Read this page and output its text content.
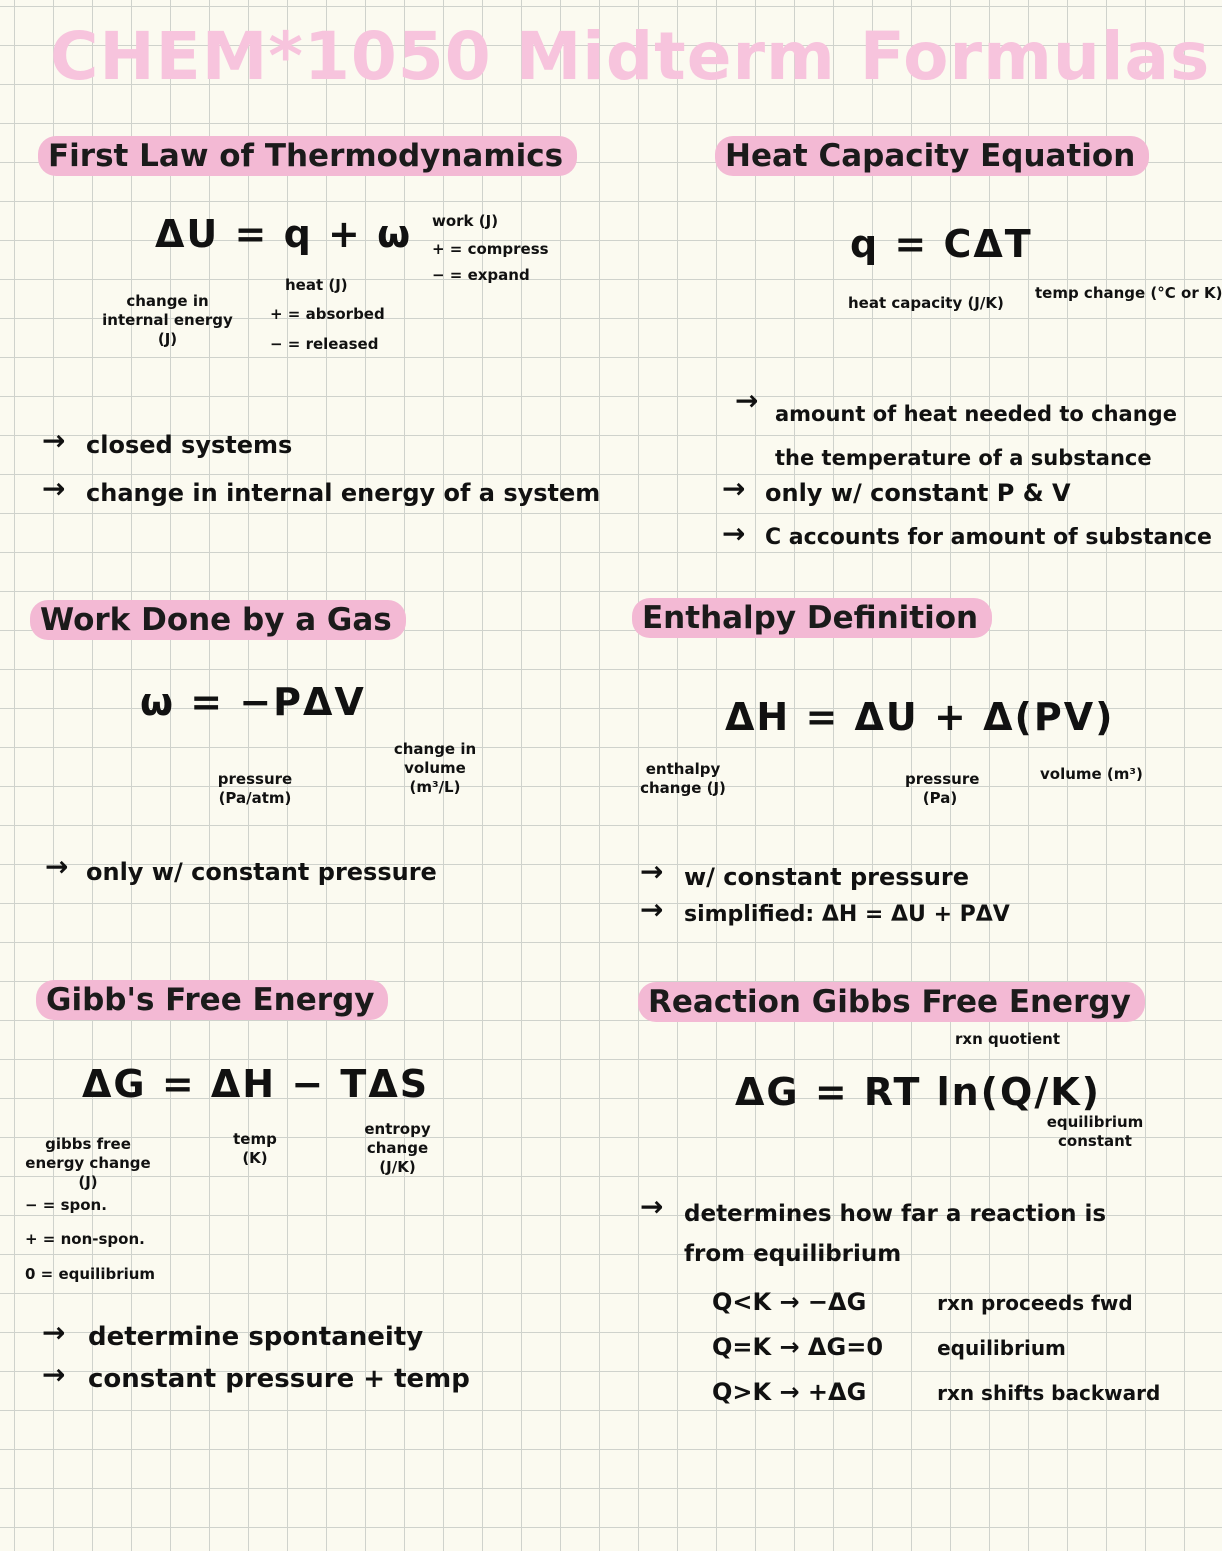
CHEM*1050 Midterm Formulas
First Law of Thermodynamics
ΔU = q + ω work (J)
+ = compress
− = expand
heat (J)
+ = absorbed
− = released
change in internal energy (J)
→ closed systems
→ change in internal energy of a system
Heat Capacity Equation
q = CΔT
heat capacity (J/K)
temp change (°C or K)
→ amount of heat needed to change the temperature of a substance
→ only w/ constant P & V
→ C accounts for amount of substance
Work Done by a Gas
ω = −PΔV
pressure (Pa/atm)
change in volume (m³/L)
→ only w/ constant pressure
Enthalpy Definition
ΔH = ΔU + Δ(PV)
enthalpy change (J)	pressure (Pa)
volume (m³)
→ w/ constant pressure
→ simplified: ΔH = ΔU + PΔV
Gibb's Free Energy
ΔG = ΔH − TΔS
gibbs free energy change (J)
− = spon.
+ = non-spon.
0 = equilibrium
temp (K)
entropy change (J/K)
→ determine spontaneity
→ constant pressure + temp
Reaction Gibbs Free Energy
ΔG = RT ln(Q/K)
rxn quotient
equilibrium constant
→ determines how far a reaction is from equilibrium
Q<K → −ΔG	rxn proceeds fwd
Q=K → ΔG=0	equilibrium
Q>K → +ΔG	rxn shifts backward
